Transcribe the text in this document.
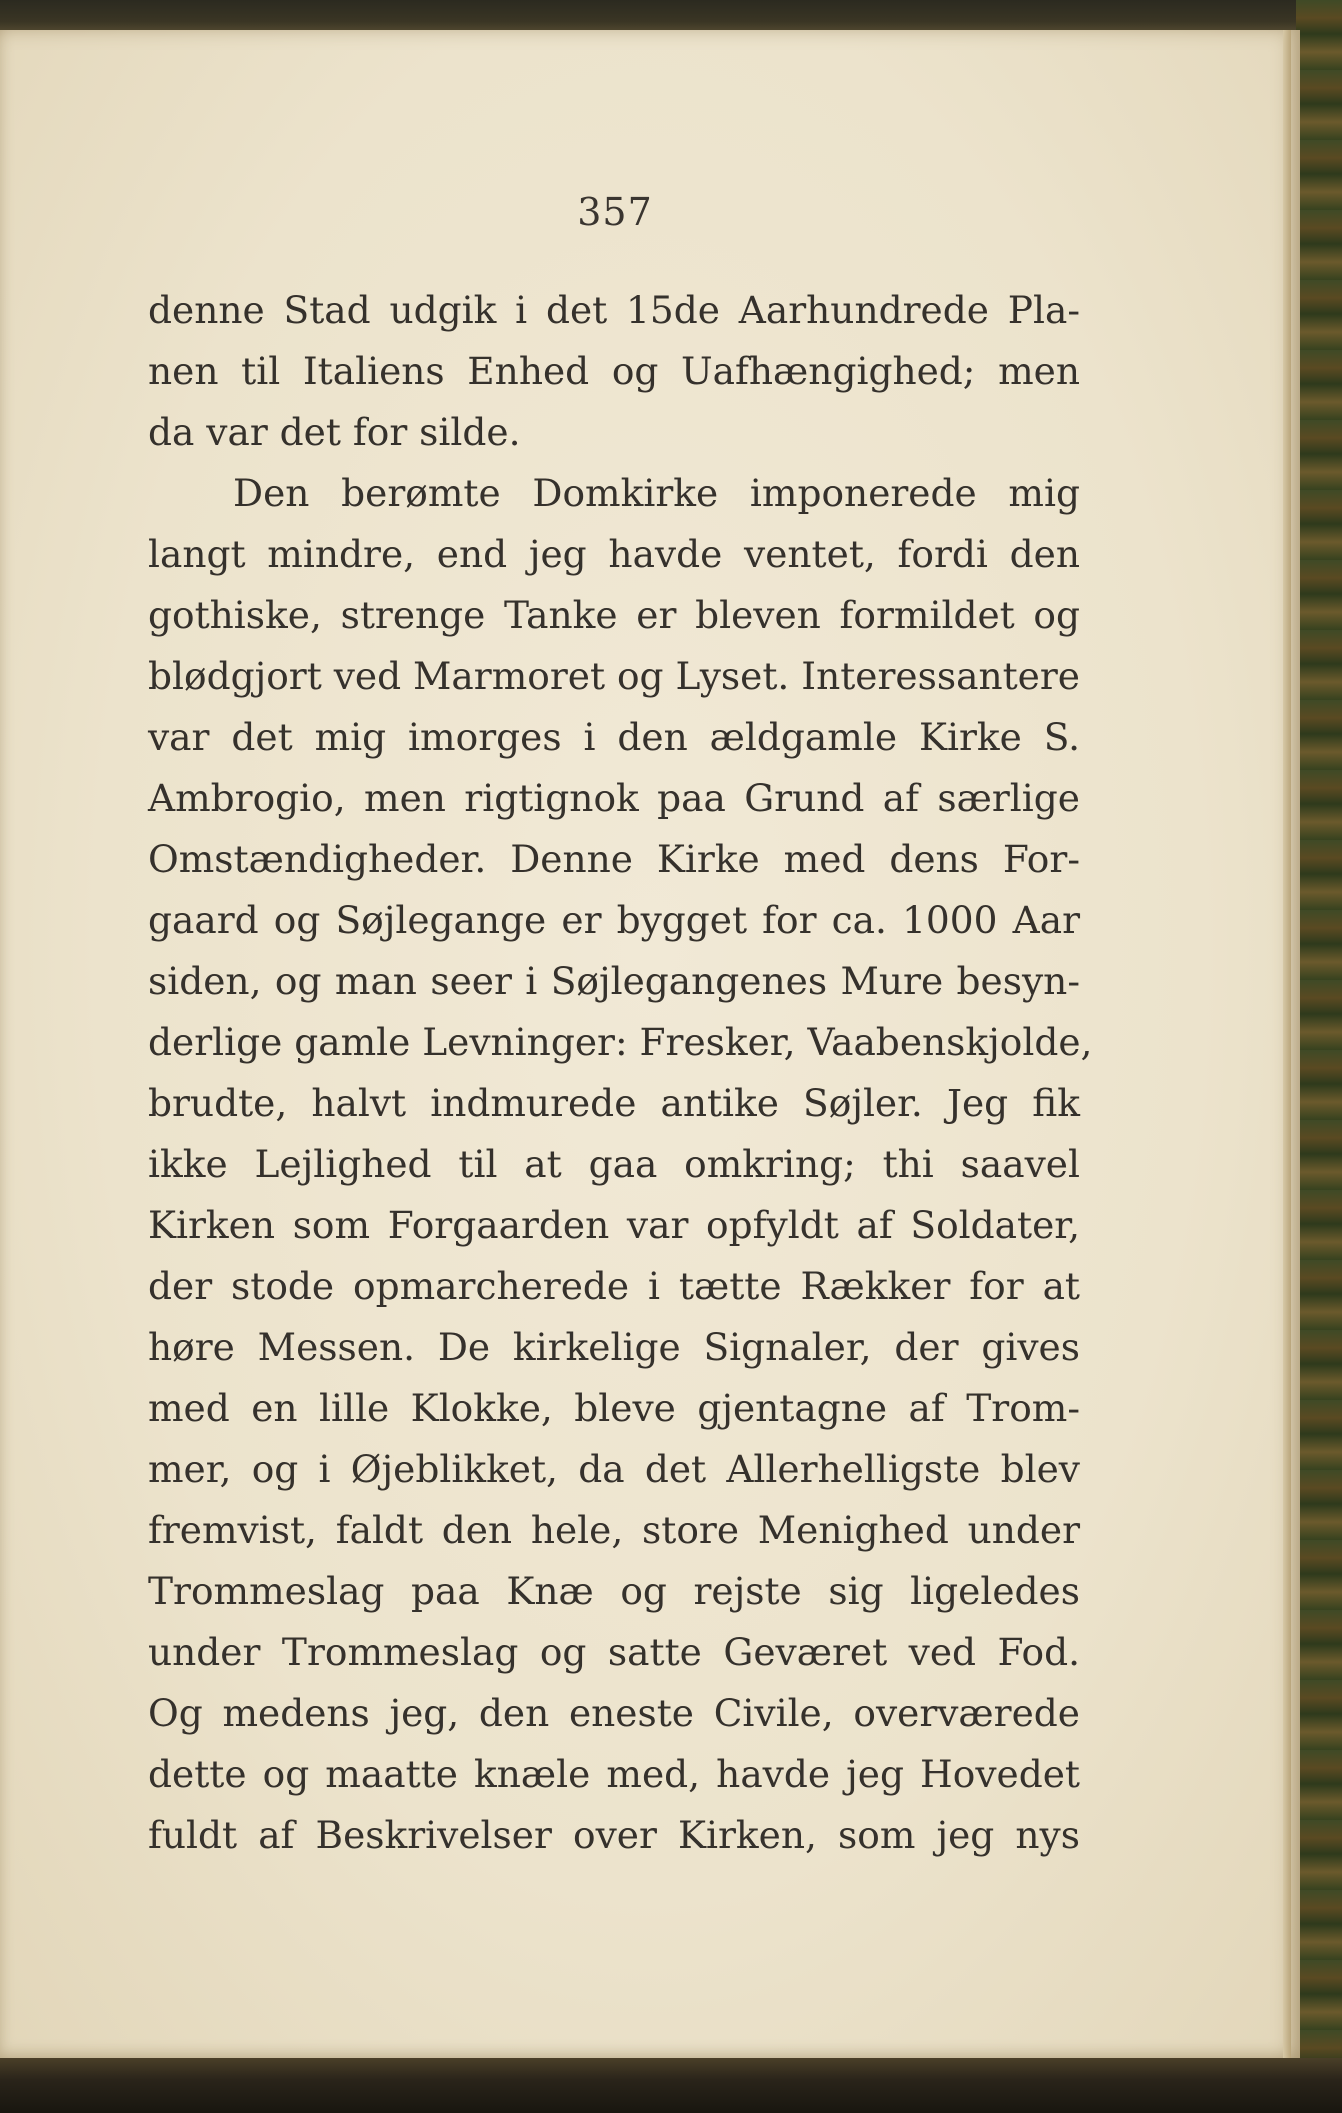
357
denne Stad udgik i det 15de Aarhundrede Pla-
nen til Italiens Enhed og Uafhængighed; men
da var det for silde.
Den berømte Domkirke imponerede mig
langt mindre, end jeg havde ventet, fordi den
gothiske, strenge Tanke er bleven formildet og
blødgjort ved Marmoret og Lyset. Interessantere
var det mig imorges i den ældgamle Kirke S.
Ambrogio, men rigtignok paa Grund af særlige
Omstændigheder. Denne Kirke med dens For-
gaard og Søjlegange er bygget for ca. 1000 Aar
siden, og man seer i Søjlegangenes Mure besyn-
derlige gamle Levninger: Fresker, Vaabenskjolde,
brudte, halvt indmurede antike Søjler. Jeg fik
ikke Lejlighed til at gaa omkring; thi saavel
Kirken som Forgaarden var opfyldt af Soldater,
der stode opmarcherede i tætte Rækker for at
høre Messen. De kirkelige Signaler, der gives
med en lille Klokke, bleve gjentagne af Trom-
mer, og i Øjeblikket, da det Allerhelligste blev
fremvist, faldt den hele, store Menighed under
Trommeslag paa Knæ og rejste sig ligeledes
under Trommeslag og satte Geværet ved Fod.
Og medens jeg, den eneste Civile, overværede
dette og maatte knæle med, havde jeg Hovedet
fuldt af Beskrivelser over Kirken, som jeg nys
